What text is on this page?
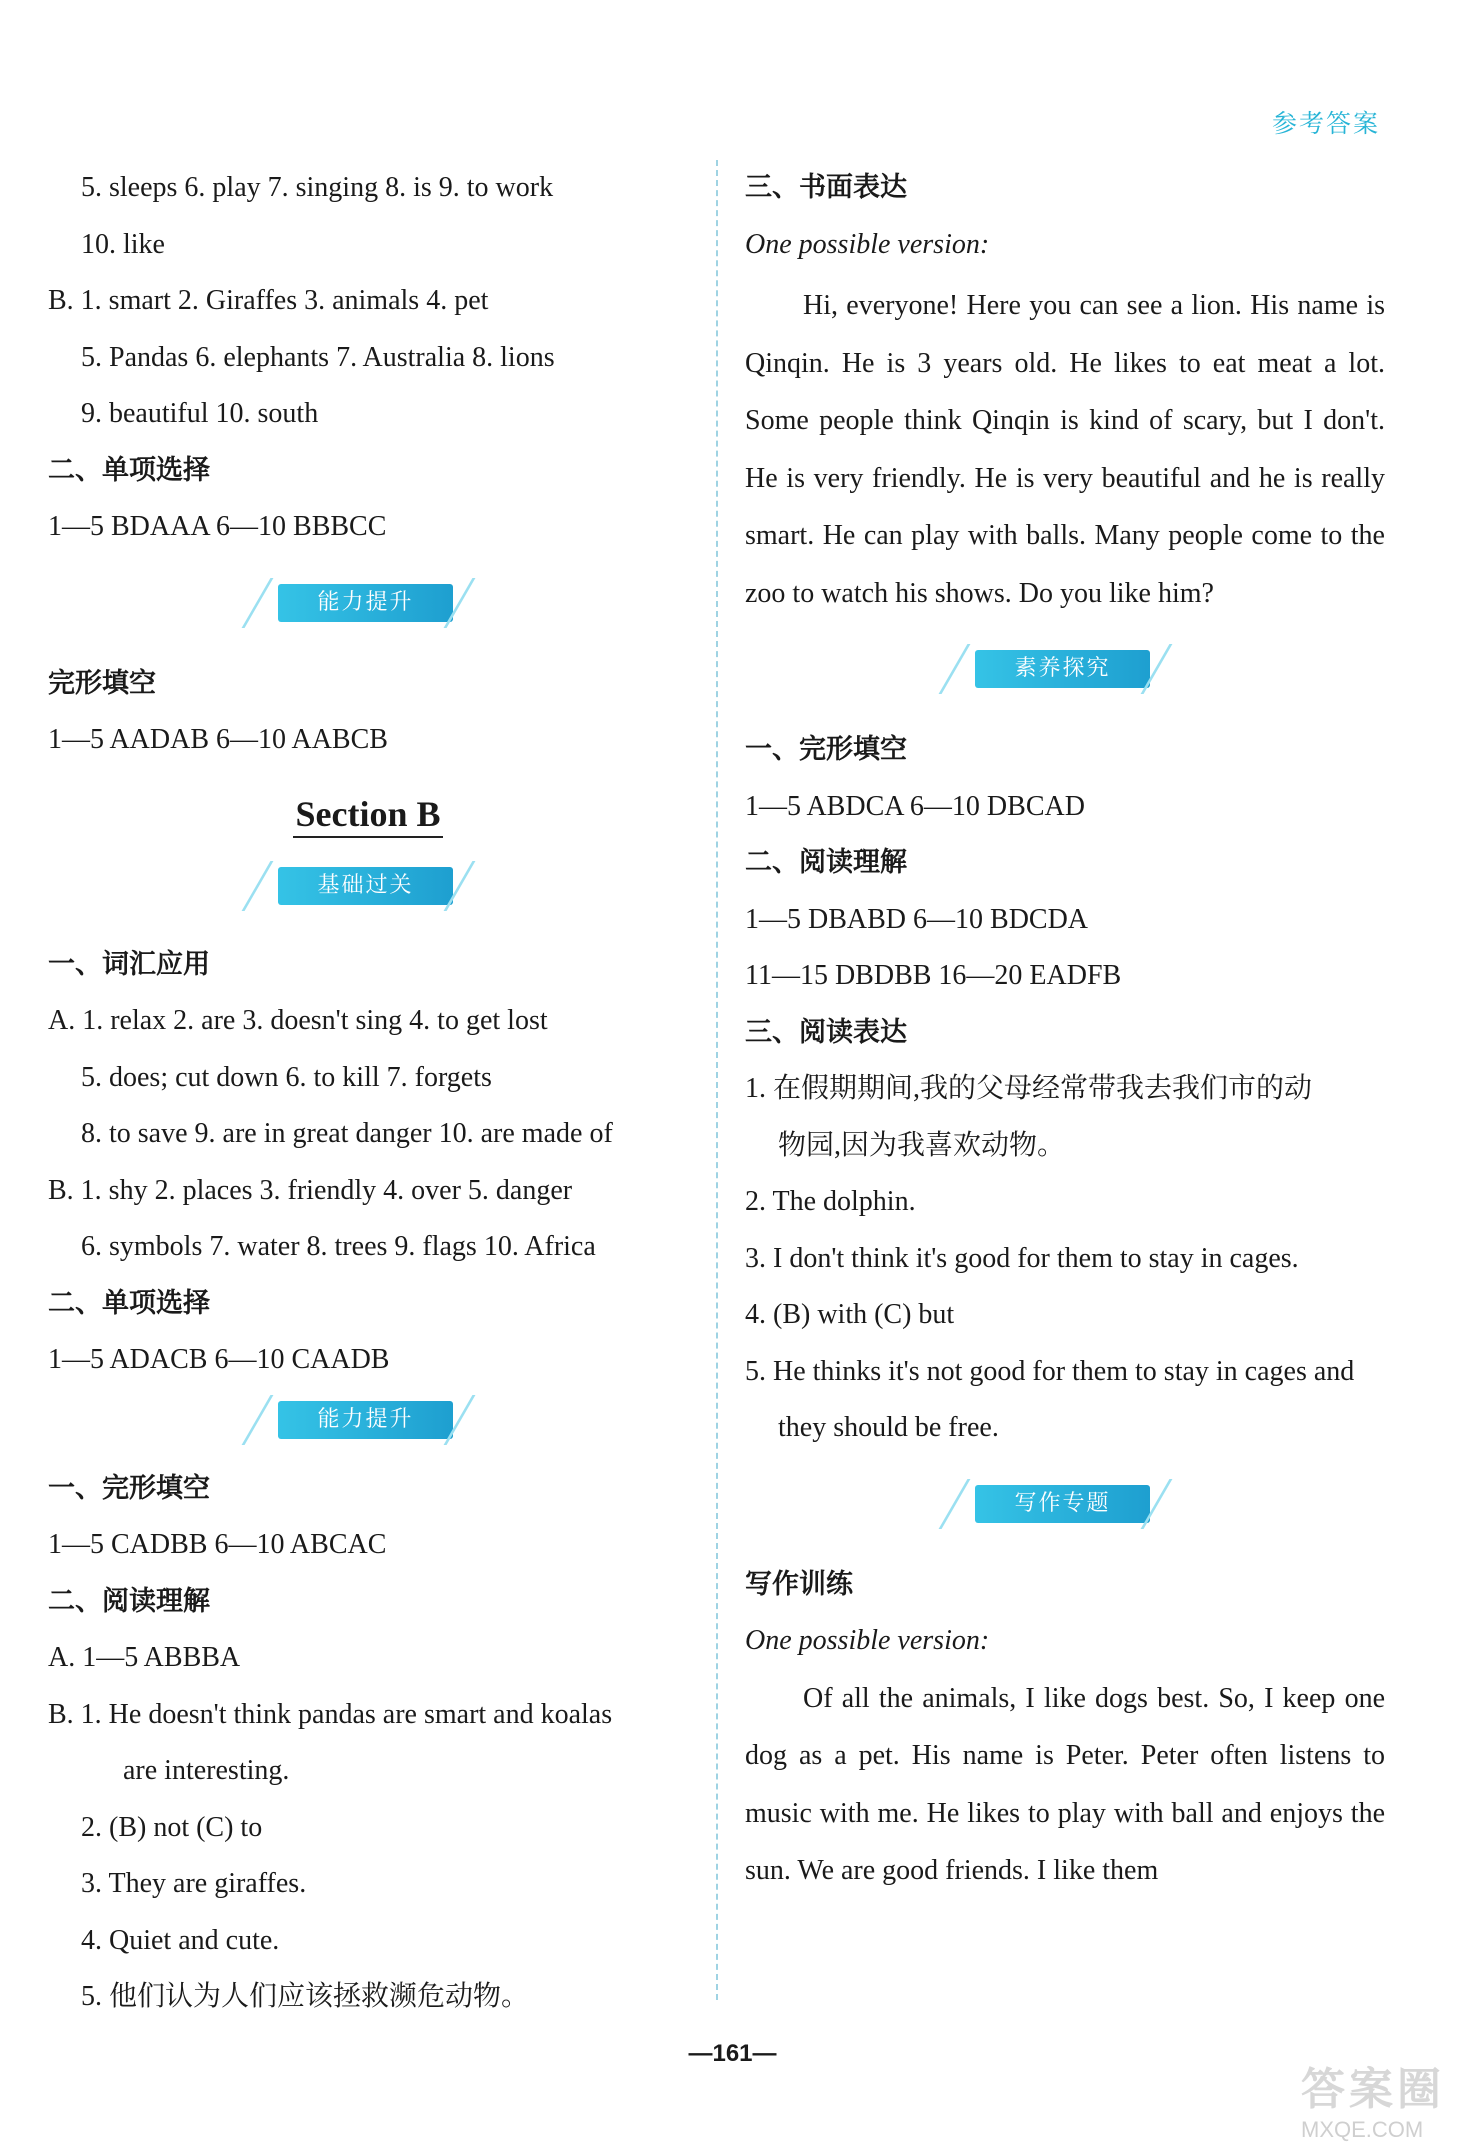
参考答案
5. sleeps 6. play 7. singing 8. is 9. to work
10. like
B. 1. smart 2. Giraffes 3. animals 4. pet
5. Pandas 6. elephants 7. Australia 8. lions
9. beautiful 10. south
二、单项选择
1—5 BDAAA 6—10 BBBCC
能力提升
完形填空
1—5 AADAB 6—10 AABCB
Section B
基础过关
一、词汇应用
A. 1. relax 2. are 3. doesn't sing 4. to get lost
5. does; cut down 6. to kill 7. forgets
8. to save 9. are in great danger 10. are made of
B. 1. shy 2. places 3. friendly 4. over 5. danger
6. symbols 7. water 8. trees 9. flags 10. Africa
二、单项选择
1—5 ADACB 6—10 CAADB
能力提升
一、完形填空
1—5 CADBB 6—10 ABCAC
二、阅读理解
A. 1—5 ABBBA
B. 1. He doesn't think pandas are smart and koalas
are interesting.
2. (B) not (C) to
3. They are giraffes.
4. Quiet and cute.
5. 他们认为人们应该拯救濒危动物。
三、书面表达
One possible version:
Hi, everyone! Here you can see a lion. His name is Qinqin. He is 3 years old. He likes to eat meat a lot. Some people think Qinqin is kind of scary, but I don't. He is very friendly. He is very beautiful and he is really smart. He can play with balls. Many people come to the zoo to watch his shows. Do you like him?
素养探究
一、完形填空
1—5 ABDCA 6—10 DBCAD
二、阅读理解
1—5 DBABD 6—10 BDCDA
11—15 DBDBB 16—20 EADFB
三、阅读表达
1. 在假期期间,我的父母经常带我去我们市的动
物园,因为我喜欢动物。
2. The dolphin.
3. I don't think it's good for them to stay in cages.
4. (B) with (C) but
5. He thinks it's not good for them to stay in cages and
they should be free.
写作专题
写作训练
One possible version:
Of all the animals, I like dogs best. So, I keep one dog as a pet. His name is Peter. Peter often listens to music with me. He likes to play with ball and enjoys the sun. We are good friends. I like them
—161—
答案圈
MXQE.COM
